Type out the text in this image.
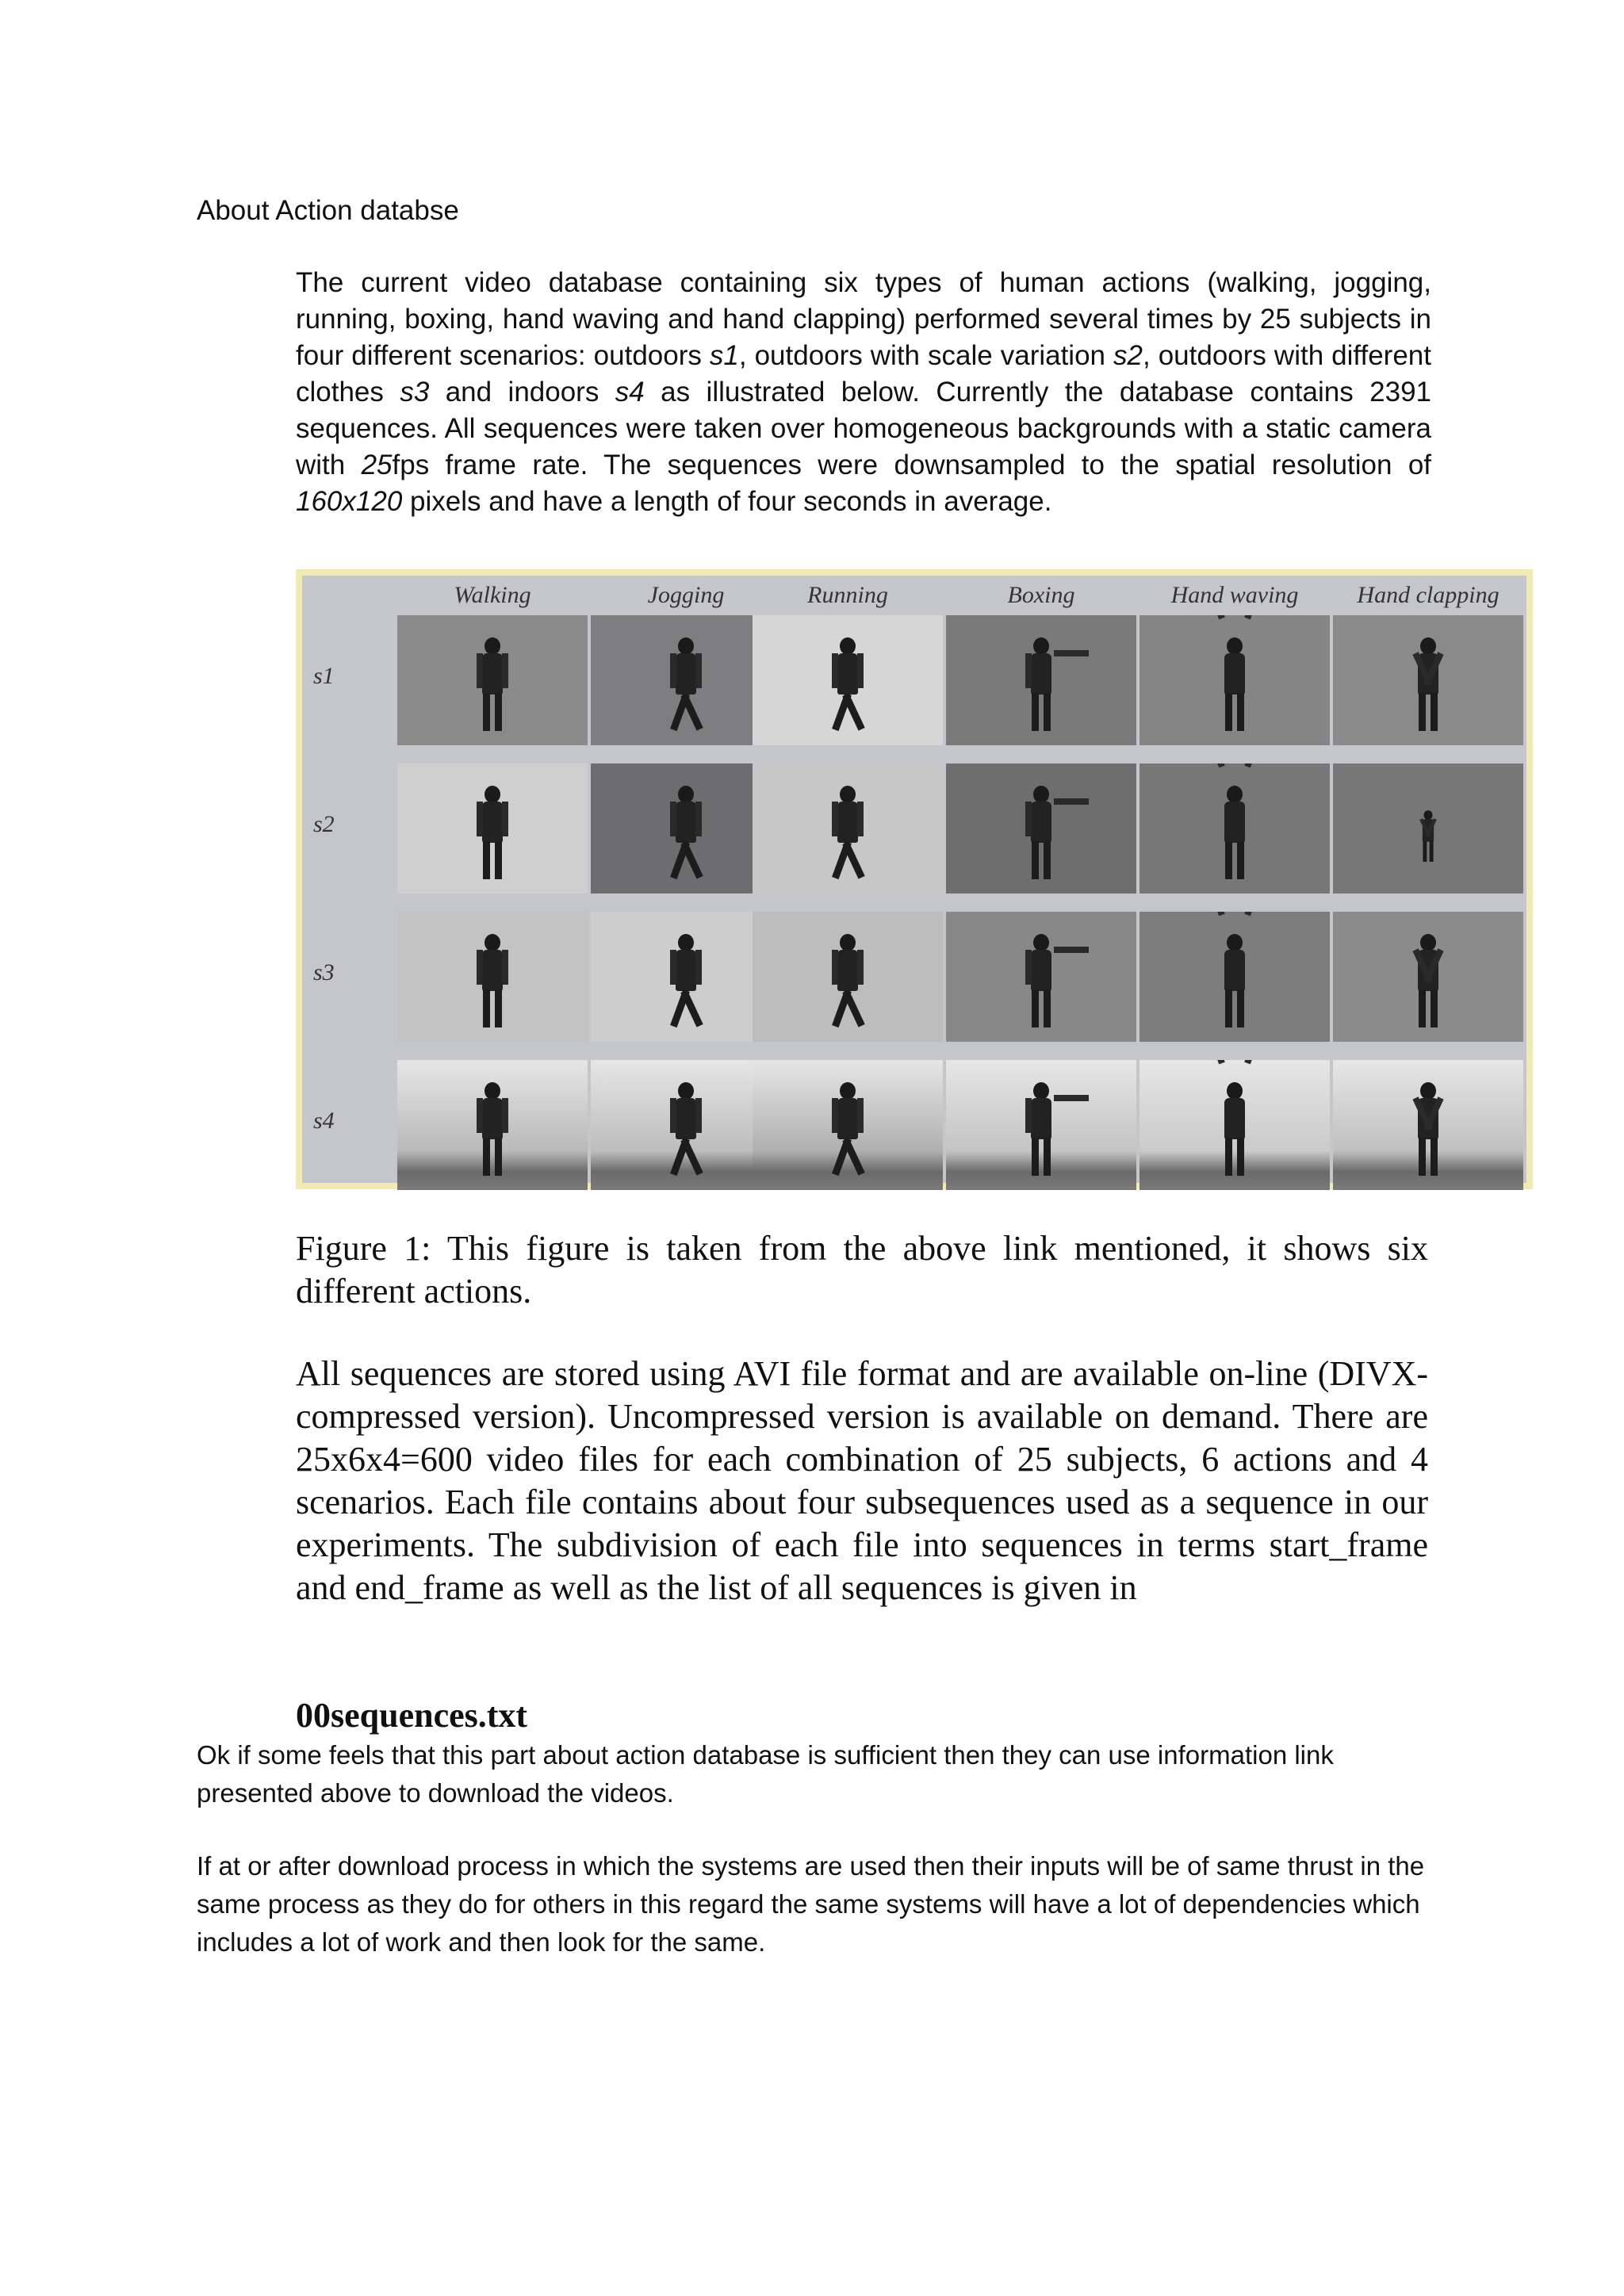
About Action databse
The current video database containing six types of human actions (walking, jogging, running, boxing, hand waving and hand clapping) performed several times by 25 subjects in four different scenarios: outdoors s1, outdoors with scale variation s2, outdoors with different clothes s3 and indoors s4 as illustrated below. Currently the database contains 2391 sequences. All sequences were taken over homogeneous backgrounds with a static camera with 25fps frame rate. The sequences were downsampled to the spatial resolution of 160x120 pixels and have a length of four seconds in average.
Walking	Jogging	Running	Boxing	Hand waving	Hand clapping
s1
s2
s3
s4
Figure 1: This figure is taken from the above link mentioned, it shows six different actions.
All sequences are stored using AVI file format and are available on-line (DIVX-compressed version). Uncompressed version is available on demand. There are 25x6x4=600 video files for each combination of 25 subjects, 6 actions and 4 scenarios. Each file contains about four subsequences used as a sequence in our experiments. The subdivision of each file into sequences in terms start_frame and end_frame as well as the list of all sequences is given in
00sequences.txt
Ok if some feels that this part about action database is sufficient then they can use information link presented above to download the videos.
If at or after download process in which the systems are used then their inputs will be of same thrust in the same process as they do for others in this regard the same systems will have a lot of dependencies which includes a lot of work and then look for the same.
